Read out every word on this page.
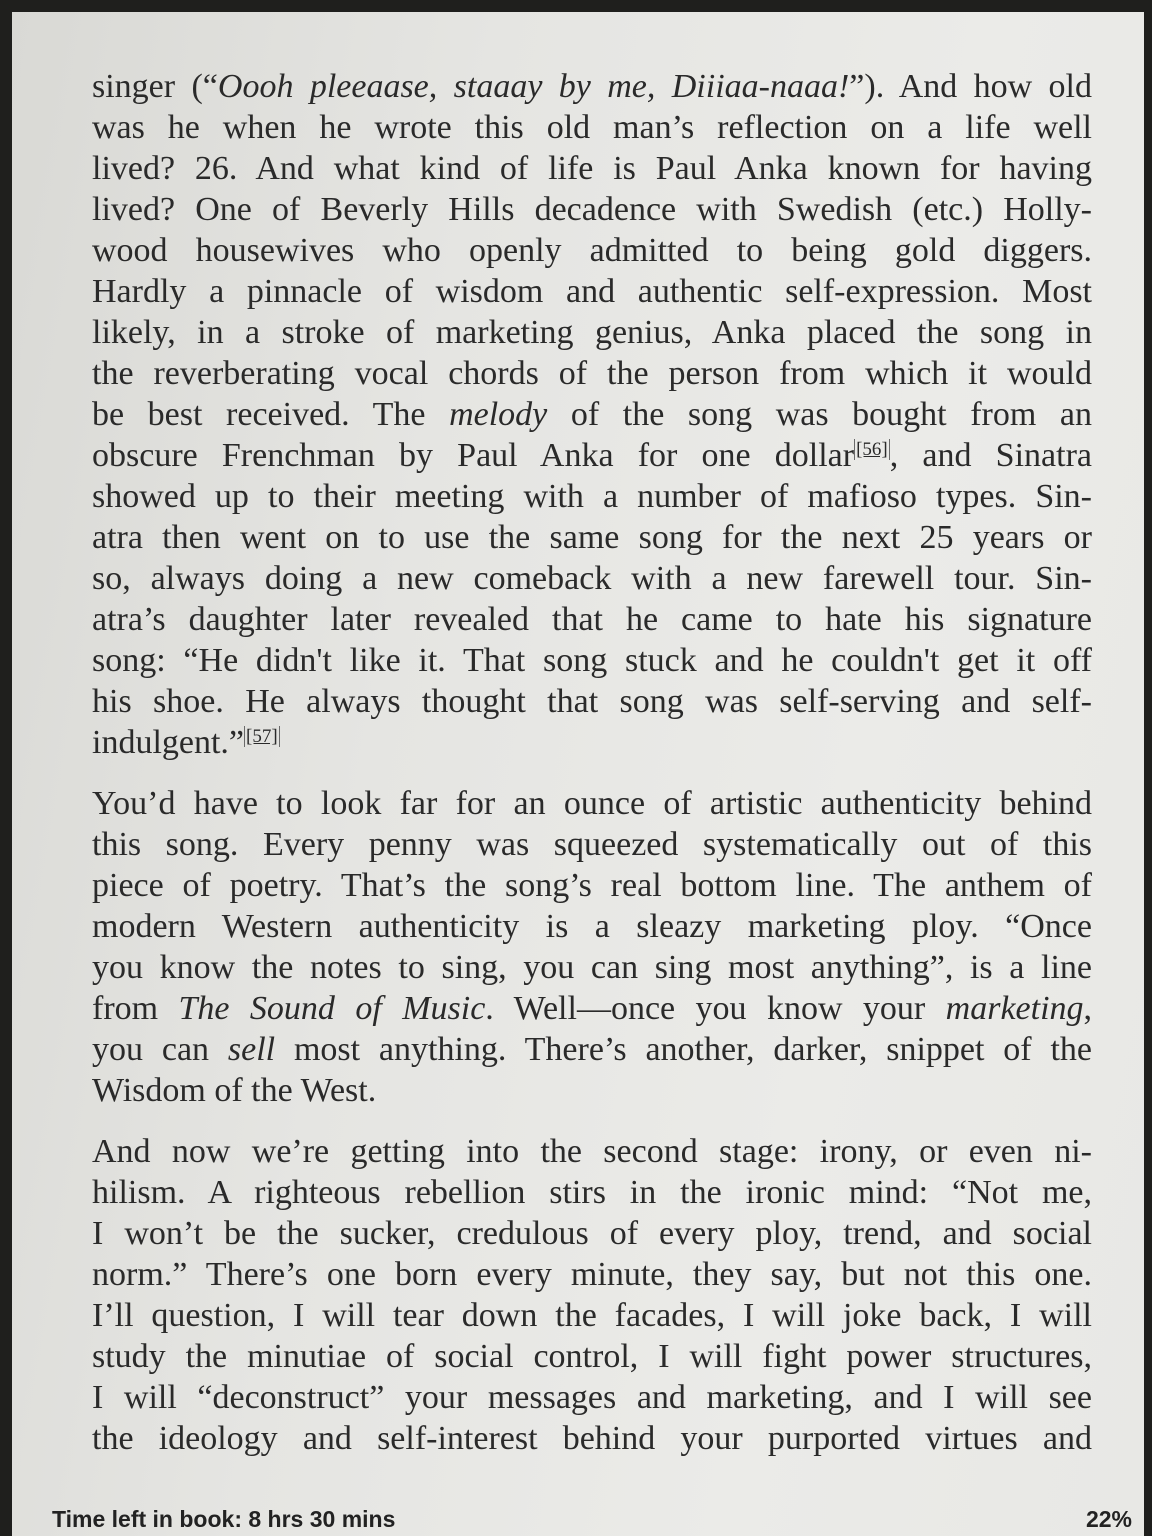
singer (“Oooh pleeaase, staaay by me, Diiiaa-naaa!”). And how old
was he when he wrote this old man’s reflection on a life well
lived? 26. And what kind of life is Paul Anka known for having
lived? One of Beverly Hills decadence with Swedish (etc.) Holly-
wood housewives who openly admitted to being gold diggers.
Hardly a pinnacle of wisdom and authentic self-expression. Most
likely, in a stroke of marketing genius, Anka placed the song in
the reverberating vocal chords of the person from which it would
be best received. The melody of the song was bought from an
obscure Frenchman by Paul Anka for one dollar [56], and Sinatra
showed up to their meeting with a number of mafioso types. Sin-
atra then went on to use the same song for the next 25 years or
so, always doing a new comeback with a new farewell tour. Sin-
atra’s daughter later revealed that he came to hate his signature
song: “He didn't like it. That song stuck and he couldn't get it off
his shoe. He always thought that song was self-serving and self-
indulgent.” [57]
You’d have to look far for an ounce of artistic authenticity behind
this song. Every penny was squeezed systematically out of this
piece of poetry. That’s the song’s real bottom line. The anthem of
modern Western authenticity is a sleazy marketing ploy. “Once
you know the notes to sing, you can sing most anything”, is a line
from The Sound of Music. Well—once you know your marketing,
you can sell most anything. There’s another, darker, snippet of the
Wisdom of the West.
And now we’re getting into the second stage: irony, or even ni-
hilism. A righteous rebellion stirs in the ironic mind: “Not me,
I won’t be the sucker, credulous of every ploy, trend, and social
norm.” There’s one born every minute, they say, but not this one.
I’ll question, I will tear down the facades, I will joke back, I will
study the minutiae of social control, I will fight power structures,
I will “deconstruct” your messages and marketing, and I will see
the ideology and self-interest behind your purported virtues and
Time left in book: 8 hrs 30 mins	22%
